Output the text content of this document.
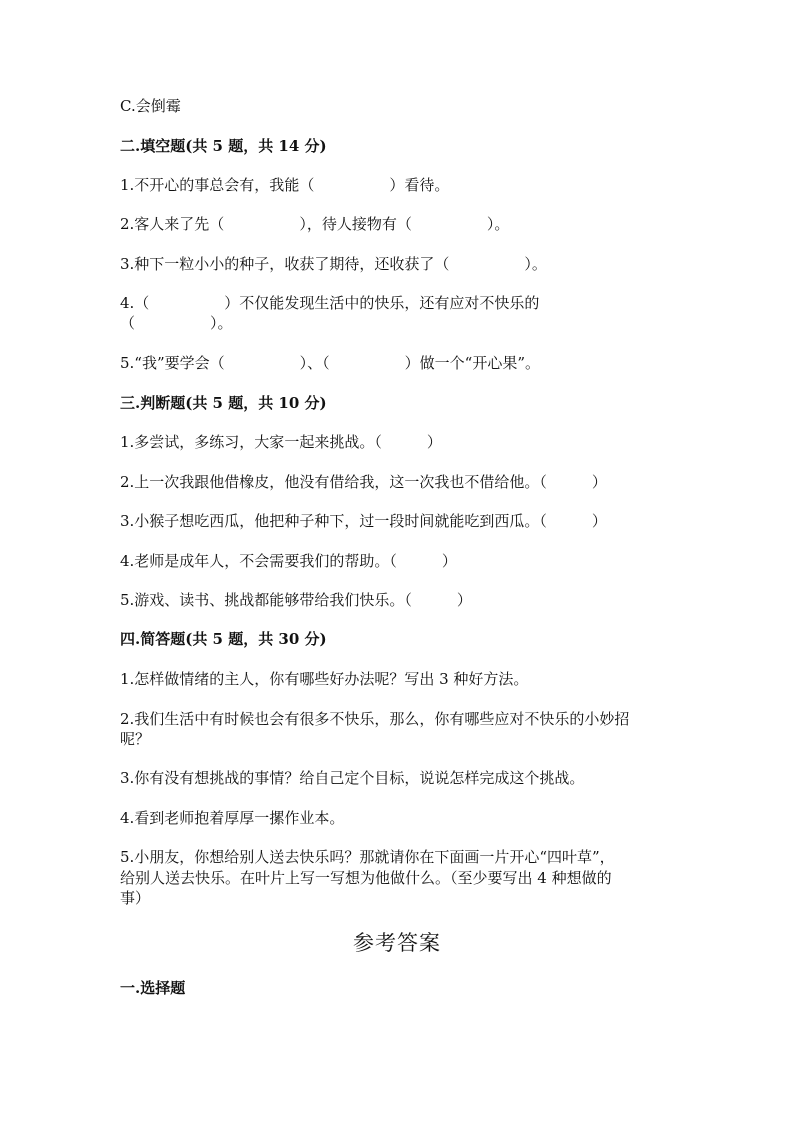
C.会倒霉

二.填空题(共 5 题，共 14 分)

1.不开心的事总会有，我能（　　　　　）看待。

2.客人来了先（　　　　　），待人接物有（　　　　　）。

3.种下一粒小小的种子，收获了期待，还收获了（　　　　　）。

4.（　　　　　）不仅能发现生活中的快乐，还有应对不快乐的

（　　　　　）。

5.“我”要学会（　　　　　）、（　　　　　）做一个“开心果”。

三.判断题(共 5 题，共 10 分)

1.多尝试，多练习，大家一起来挑战。（　　　）

2.上一次我跟他借橡皮，他没有借给我，这一次我也不借给他。（　　　）

3.小猴子想吃西瓜，他把种子种下，过一段时间就能吃到西瓜。（　　　）

4.老师是成年人，不会需要我们的帮助。（　　　）

5.游戏、读书、挑战都能够带给我们快乐。（　　　）

四.简答题(共 5 题，共 30 分)

1.怎样做情绪的主人，你有哪些好办法呢？写出 3 种好方法。

2.我们生活中有时候也会有很多不快乐，那么，你有哪些应对不快乐的小妙招

呢？

3.你有没有想挑战的事情？给自己定个目标，说说怎样完成这个挑战。

4.看到老师抱着厚厚一摞作业本。

5.小朋友，你想给别人送去快乐吗？那就请你在下面画一片开心“四叶草”，

给别人送去快乐。在叶片上写一写想为他做什么。（至少要写出 4 种想做的

事）

参考答案

一.选择题
